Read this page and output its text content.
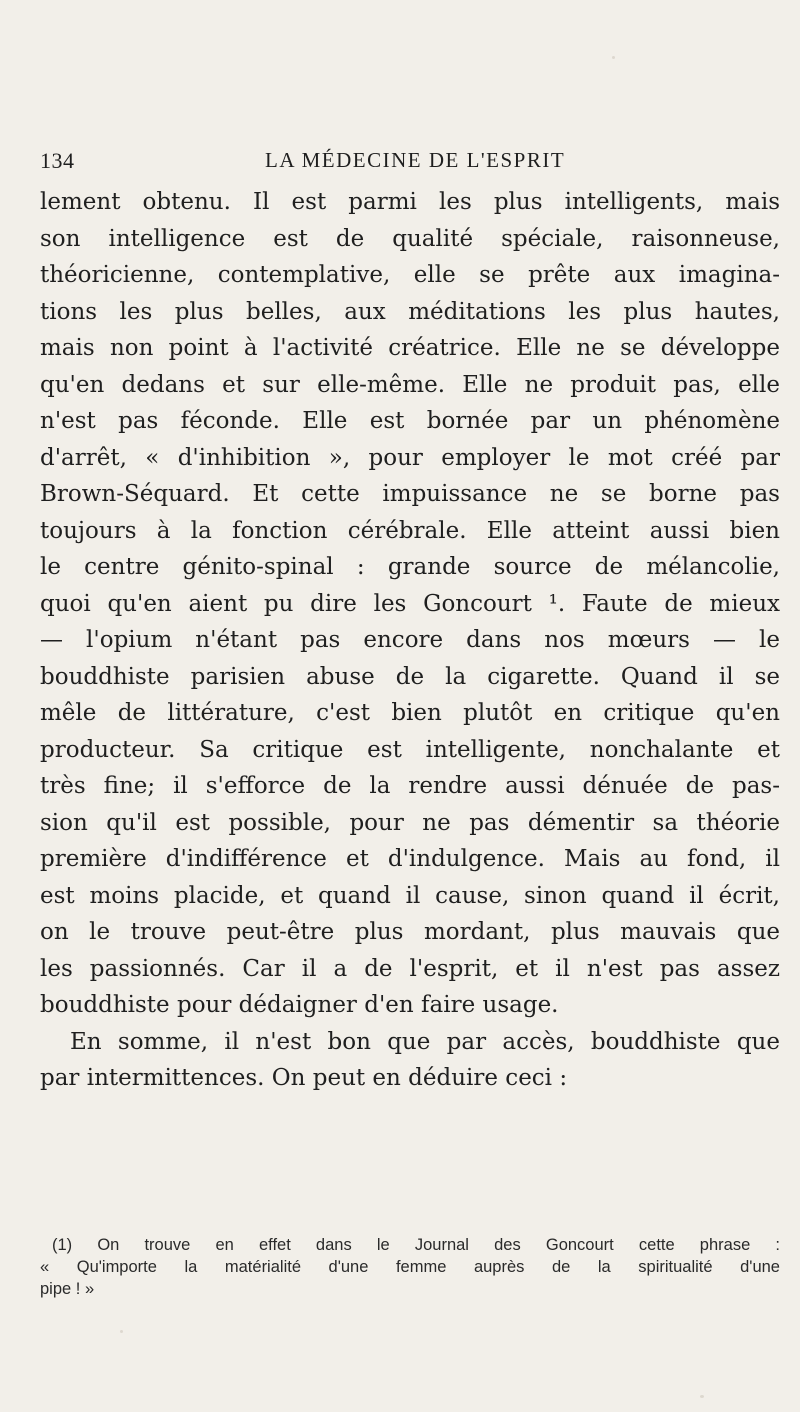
134	LA MÉDECINE DE L'ESPRIT
lement obtenu. Il est parmi les plus intelligents, mais
son intelligence est de qualité spéciale, raisonneuse,
théoricienne, contemplative, elle se prête aux imagina-
tions les plus belles, aux méditations les plus hautes,
mais non point à l'activité créatrice. Elle ne se développe
qu'en dedans et sur elle-même. Elle ne produit pas, elle
n'est pas féconde. Elle est bornée par un phénomène
d'arrêt, « d'inhibition », pour employer le mot créé par
Brown-Séquard. Et cette impuissance ne se borne pas
toujours à la fonction cérébrale. Elle atteint aussi bien
le centre génito-spinal : grande source de mélancolie,
quoi qu'en aient pu dire les Goncourt ¹. Faute de mieux
— l'opium n'étant pas encore dans nos mœurs — le
bouddhiste parisien abuse de la cigarette. Quand il se
mêle de littérature, c'est bien plutôt en critique qu'en
producteur. Sa critique est intelligente, nonchalante et
très fine; il s'efforce de la rendre aussi dénuée de pas-
sion qu'il est possible, pour ne pas démentir sa théorie
première d'indifférence et d'indulgence. Mais au fond, il
est moins placide, et quand il cause, sinon quand il écrit,
on le trouve peut-être plus mordant, plus mauvais que
les passionnés. Car il a de l'esprit, et il n'est pas assez
bouddhiste pour dédaigner d'en faire usage.
En somme, il n'est bon que par accès, bouddhiste que
par intermittences. On peut en déduire ceci :
(1) On trouve en effet dans le Journal des Goncourt cette phrase :
« Qu'importe la matérialité d'une femme auprès de la spiritualité d'une
pipe ! »
